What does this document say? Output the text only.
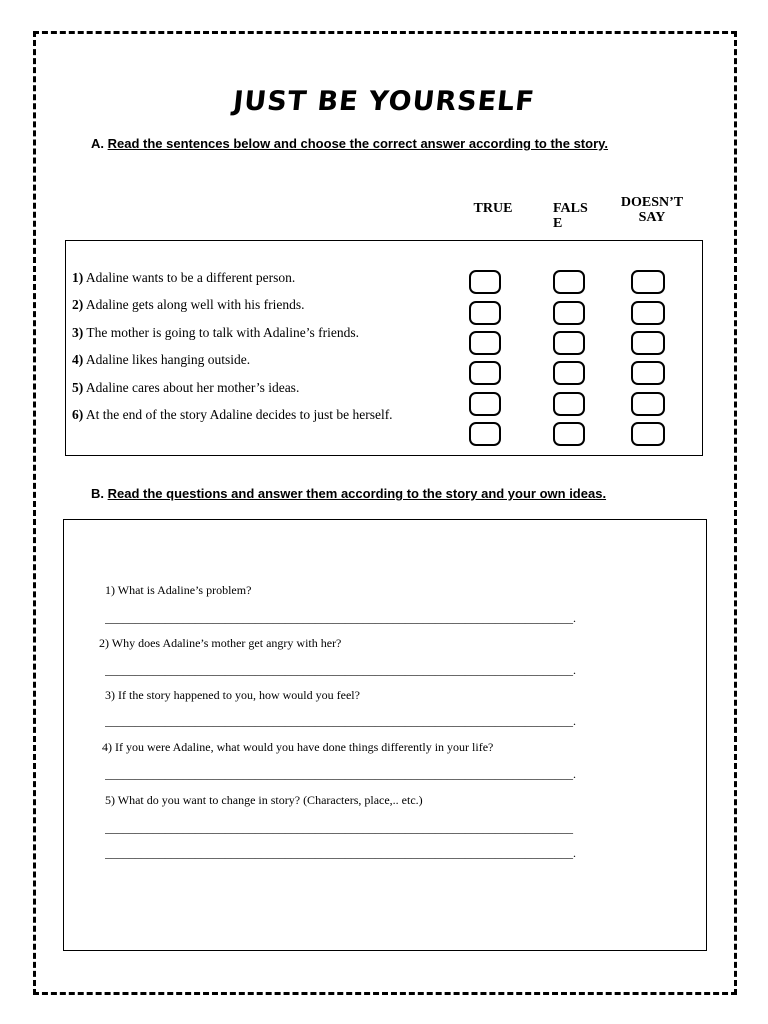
JUST BE YOURSELF
A. Read the sentences below and choose the correct answer according to the story.
TRUE	FALSE
DOESN’T SAY
1) Adaline wants to be a different person.
2) Adaline gets along well with his friends.
3) The mother is going to talk with Adaline’s friends.
4) Adaline likes hanging outside.
5) Adaline cares about her mother’s ideas.
6) At the end of the story Adaline decides to just be herself.
B. Read the questions and answer them according to the story and your own ideas.
1) What is Adaline’s problem?
______________________________________________________________________________.
2) Why does Adaline’s mother get angry with her?
______________________________________________________________________________.
3) If the story happened to you, how would you feel?
______________________________________________________________________________.
4) If you were Adaline, what would you have done things differently in your life?
______________________________________________________________________________.
5) What do you want to change in story? (Characters, place,.. etc.)
______________________________________________________________________________
______________________________________________________________________________.
